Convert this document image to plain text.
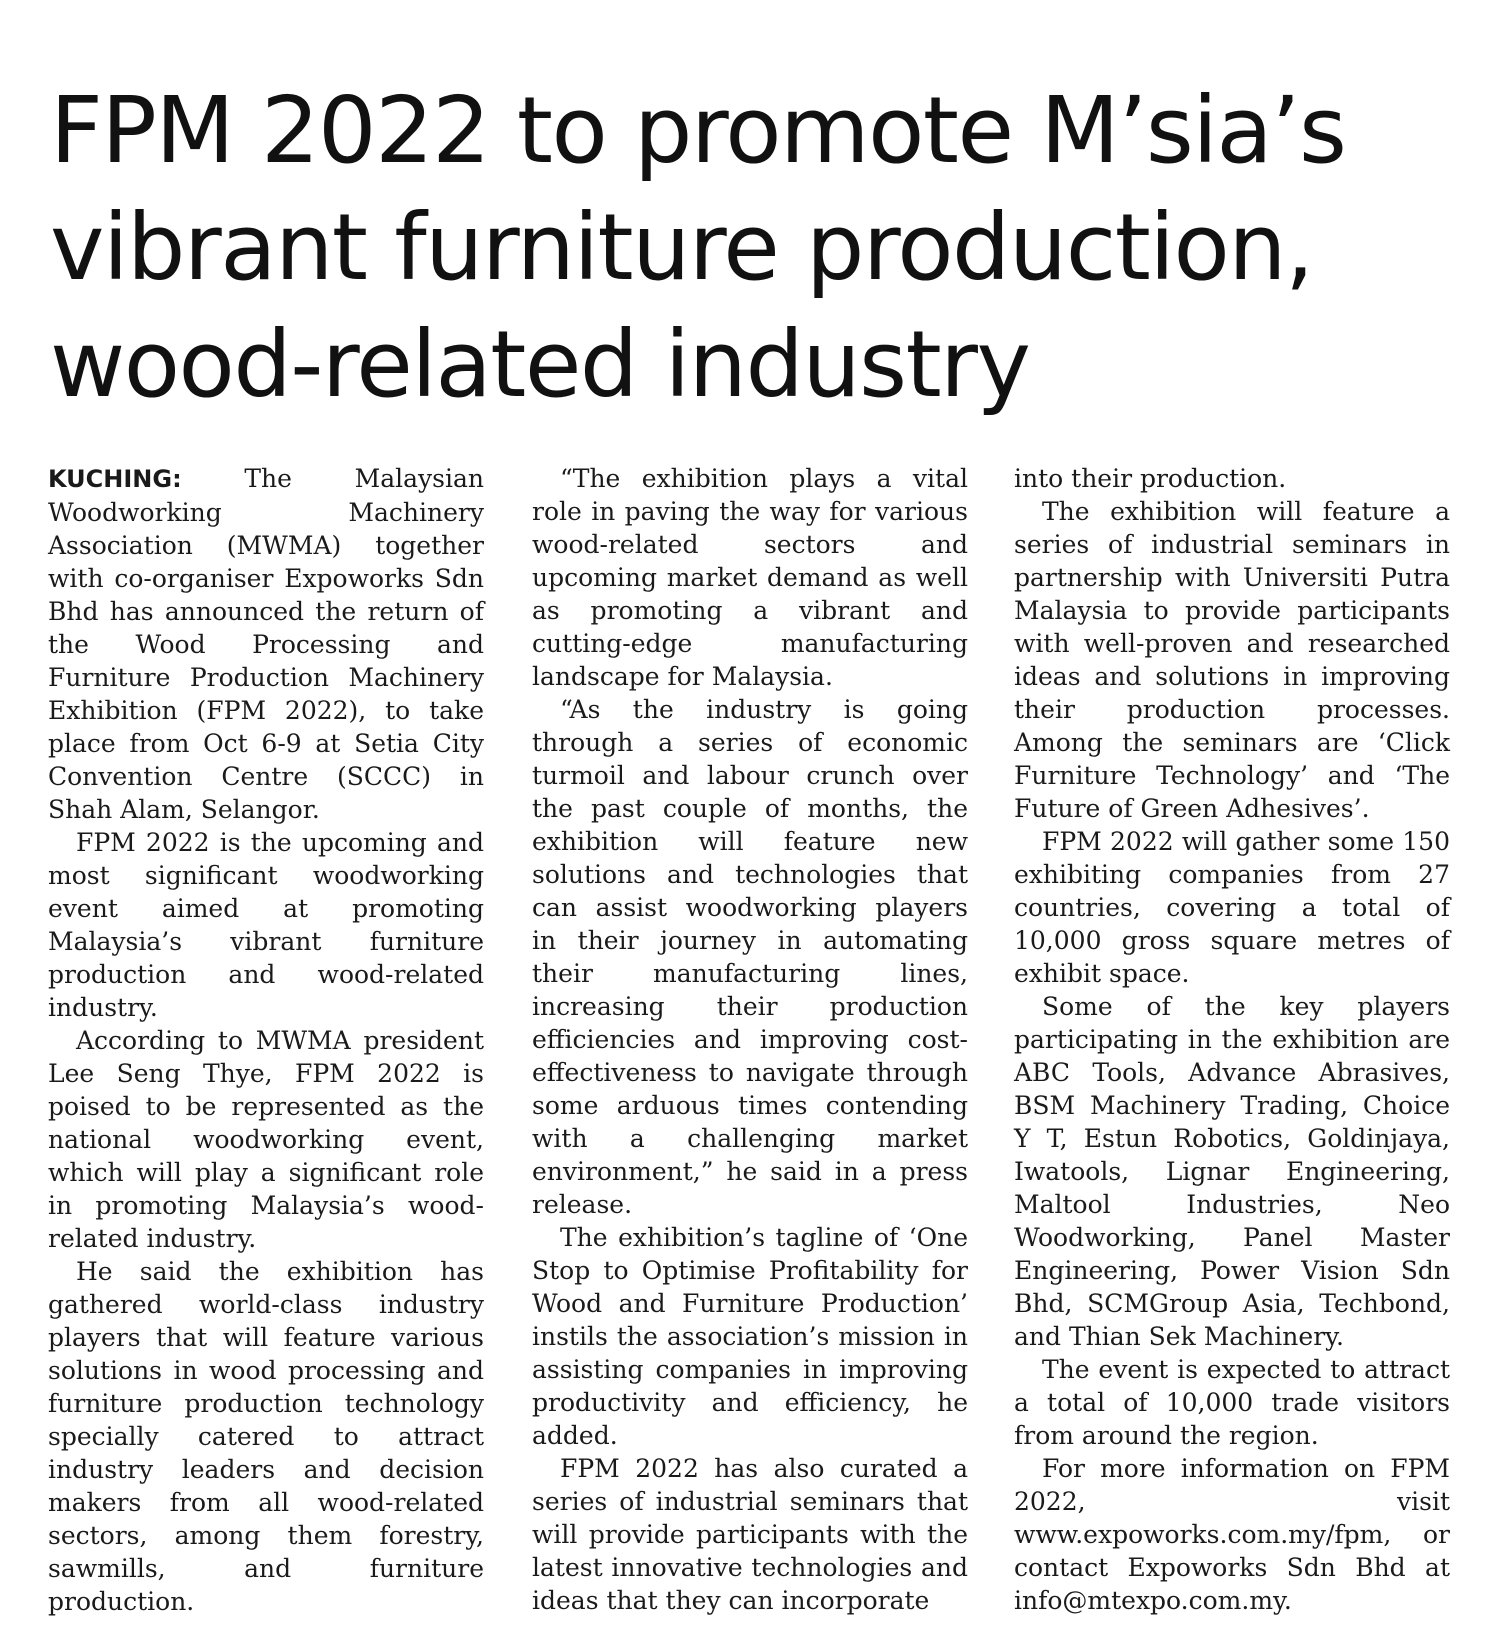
FPM 2022 to promote M’sia’s
vibrant furniture production,
wood-related industry

KUCHING:	The Malaysian Woodworking Machinery Association (MWMA) together with co-organiser Expoworks Sdn Bhd has announced the return of the Wood Processing and Furniture Production Machinery Exhibition (FPM 2022), to take place from Oct 6-9 at Setia City Convention Centre (SCCC) in Shah Alam, Selangor.

FPM 2022 is the upcoming and most significant woodworking event aimed at promoting Malaysia’s vibrant furniture production and wood-related industry.

According to MWMA president Lee Seng Thye, FPM 2022 is poised to be represented as the national woodworking event, which will play a significant role in promoting Malaysia’s wood-related industry.

He said the exhibition has gathered world-class industry players that will feature various solutions in wood processing and furniture production technology specially catered to attract industry leaders and decision makers from all wood-related sectors, among them forestry, sawmills, and furniture production.

“The exhibition plays a vital role in paving the way for various wood-related sectors and upcoming market demand as well as promoting a vibrant and cutting-edge manufacturing landscape for Malaysia.

“As the industry is going through a series of economic turmoil and labour crunch over the past couple of months, the exhibition will feature new solutions and technologies that can assist woodworking players in their journey in automating their manufacturing lines, increasing their production efficiencies and improving cost-effectiveness to navigate through some arduous times contending with a challenging market environment,” he said in a press release.

The exhibition’s tagline of ‘One Stop to Optimise Profitability for Wood and Furniture Production’ instils the association’s mission in assisting companies in improving productivity and efficiency, he added.

FPM 2022 has also curated a series of industrial seminars that will provide participants with the latest innovative technologies and ideas that they can incorporate

into their production.

The exhibition will feature a series of industrial seminars in partnership with Universiti Putra Malaysia to provide participants with well-proven and researched ideas and solutions in improving their production processes. Among the seminars are ‘Click Furniture Technology’ and ‘The Future of Green Adhesives’.

FPM 2022 will gather some 150 exhibiting companies from 27 countries, covering a total of 10,000 gross square metres of exhibit space.

Some of the key players participating in the exhibition are ABC Tools, Advance Abrasives, BSM Machinery Trading, Choice Y T, Estun Robotics, Goldinjaya, Iwatools, Lignar Engineering, Maltool Industries, Neo Woodworking, Panel Master Engineering, Power Vision Sdn Bhd, SCMGroup Asia, Techbond, and Thian Sek Machinery.

The event is expected to attract a total of 10,000 trade visitors from around the region.

For more information on FPM 2022, visit www.expoworks.com.my/fpm, or contact Expoworks Sdn Bhd at info@mtexpo.com.my.
